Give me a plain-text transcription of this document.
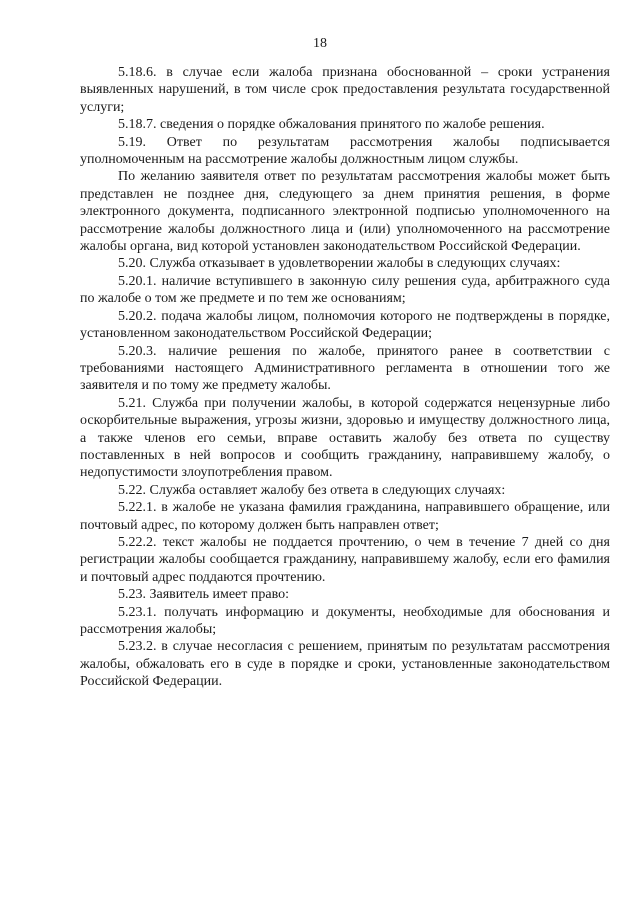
18

5.18.6. в случае если жалоба признана обоснованной – сроки устранения выявленных нарушений, в том числе срок предоставления результата государственной услуги;

5.18.7. сведения о порядке обжалования принятого по жалобе решения.

5.19. Ответ по результатам рассмотрения жалобы подписывается уполномоченным на рассмотрение жалобы должностным лицом службы.

По желанию заявителя ответ по результатам рассмотрения жалобы может быть представлен не позднее дня, следующего за днем принятия решения, в форме электронного документа, подписанного электронной подписью уполномоченного на рассмотрение жалобы должностного лица и (или) уполномоченного на рассмотрение жалобы органа, вид которой установлен законодательством Российской Федерации.

5.20. Служба отказывает в удовлетворении жалобы в следующих случаях:

5.20.1. наличие вступившего в законную силу решения суда, арбитражного суда по жалобе о том же предмете и по тем же основаниям;

5.20.2. подача жалобы лицом, полномочия которого не подтверждены в порядке, установленном законодательством Российской Федерации;

5.20.3. наличие решения по жалобе, принятого ранее в соответствии с требованиями настоящего Административного регламента в отношении того же заявителя и по тому же предмету жалобы.

5.21. Служба при получении жалобы, в которой содержатся нецензурные либо оскорбительные выражения, угрозы жизни, здоровью и имуществу должностного лица, а также членов его семьи, вправе оставить жалобу без ответа по существу поставленных в ней вопросов и сообщить гражданину, направившему жалобу, о недопустимости злоупотребления правом.

5.22. Служба оставляет жалобу без ответа в следующих случаях:

5.22.1. в жалобе не указана фамилия гражданина, направившего обращение, или почтовый адрес, по которому должен быть направлен ответ;

5.22.2. текст жалобы не поддается прочтению, о чем в течение 7 дней со дня регистрации жалобы сообщается гражданину, направившему жалобу, если его фамилия и почтовый адрес поддаются прочтению.

5.23. Заявитель имеет право:

5.23.1. получать информацию и документы, необходимые для обоснования и рассмотрения жалобы;

5.23.2. в случае несогласия с решением, принятым по результатам рассмотрения жалобы, обжаловать его в суде в порядке и сроки, установленные законодательством Российской Федерации.
